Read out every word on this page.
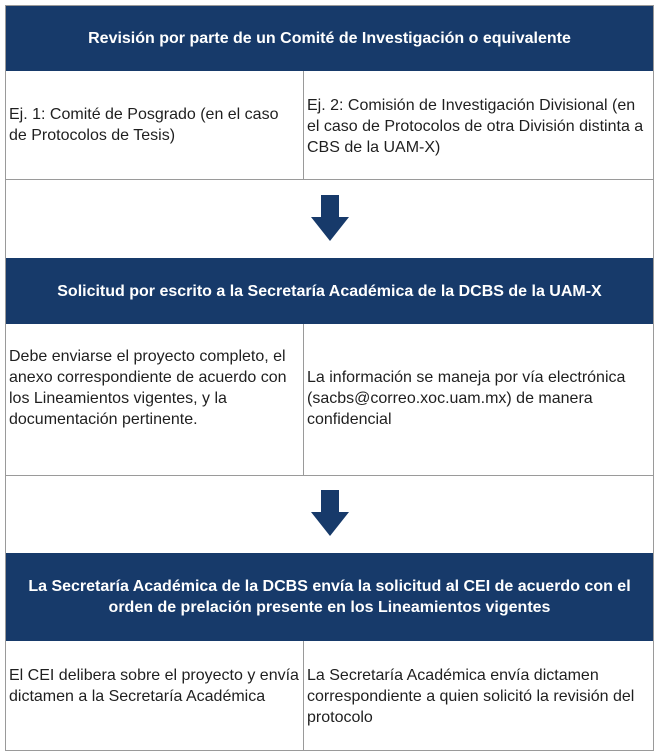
Revisión por parte de un Comité de Investigación o equivalente
Ej. 1: Comité de Posgrado (en el caso de Protocolos de Tesis)
Ej. 2: Comisión de Investigación Divisional (en el caso de Protocolos de otra División distinta a CBS de la UAM-X)
Solicitud por escrito a la Secretaría Académica de la DCBS de la UAM-X
Debe enviarse el proyecto completo, el anexo correspondiente de acuerdo con los Lineamientos vigentes, y la documentación pertinente.
La información se maneja por vía electrónica (sacbs@correo.xoc.uam.mx) de manera confidencial
La Secretaría Académica de la DCBS envía la solicitud al CEI de acuerdo con el orden de prelación presente en los Lineamientos vigentes
El CEI delibera sobre el proyecto y envía dictamen a la Secretaría Académica
La Secretaría Académica envía dictamen correspondiente a quien solicitó la revisión del protocolo
